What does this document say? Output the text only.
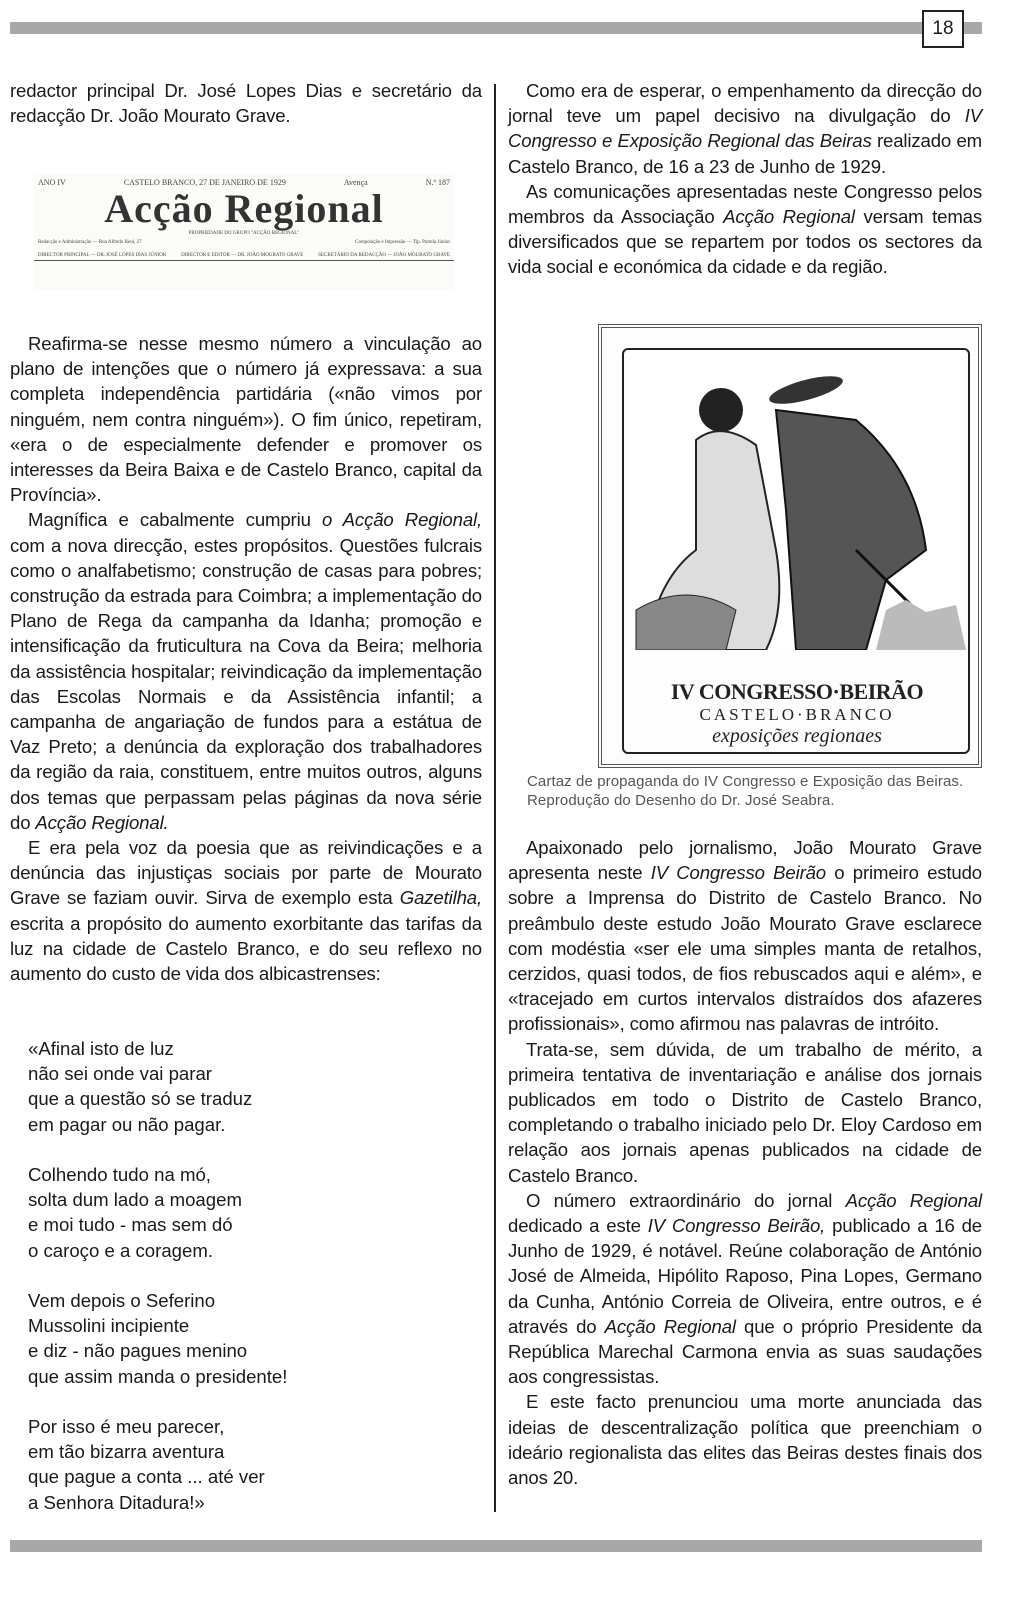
18

redactor principal Dr. José Lopes Dias e secretário da redacção Dr. João Mourato Grave.

ANO IV	CASTELO BRANCO, 27 DE JANEIRO DE 1929	Avença	N.º 187
Acção Regional
PROPRIEDADE DO GRUPO "ACÇÃO REGIONAL"
Redacção e Administração — Rua Alfredo Reul, 27	Composição e Impressão — Tip. Portela Júnior
DIRECTOR PRINCIPAL — DR. JOSÉ LOPES DIAS JÚNIOR	DIRECTOR E EDITOR — DR. JOÃO MOURATO GRAVE	SECRETÁRIO DA REDACÇÃO — JOÃO MOURATO GRAVE

Reafirma-se nesse mesmo número a vinculação ao plano de intenções que o número já expressava: a sua completa independência partidária («não vimos por ninguém, nem contra ninguém»). O fim único, repetiram, «era o de especialmente defender e promover os interesses da Beira Baixa e de Castelo Branco, capital da Província».

Magnífica e cabalmente cumpriu o Acção Regional, com a nova direcção, estes propósitos. Questões fulcrais como o analfabetismo; construção de casas para pobres; construção da estrada para Coimbra; a implementação do Plano de Rega da campanha da Idanha; promoção e intensificação da fruticultura na Cova da Beira; melhoria da assistência hospitalar; reivindicação da implementação das Escolas Normais e da Assistência infantil; a campanha de angariação de fundos para a estátua de Vaz Preto; a denúncia da exploração dos trabalhadores da região da raia, constituem, entre muitos outros, alguns dos temas que perpassam pelas páginas da nova série do Acção Regional.

E era pela voz da poesia que as reivindicações e a denúncia das injustiças sociais por parte de Mourato Grave se faziam ouvir. Sirva de exemplo esta Gazetilha, escrita a propósito do aumento exorbitante das tarifas da luz na cidade de Castelo Branco, e do seu reflexo no aumento do custo de vida dos albicastrenses:

«Afinal isto de luz
não sei onde vai parar
que a questão só se traduz
em pagar ou não pagar.
Colhendo tudo na mó,
solta dum lado a moagem
e moi tudo - mas sem dó
o caroço e a coragem.
Vem depois o Seferino
Mussolini incipiente
e diz - não pagues menino
que assim manda o presidente!
Por isso é meu parecer,
em tão bizarra aventura
que pague a conta ... até ver
a Senhora Ditadura!»

Como era de esperar, o empenhamento da direcção do jornal teve um papel decisivo na divulgação do IV Congresso e Exposição Regional das Beiras realizado em Castelo Branco, de 16 a 23 de Junho de 1929.

As comunicações apresentadas neste Congresso pelos membros da Associação Acção Regional versam temas diversificados que se repartem por todos os sectores da vida social e económica da cidade e da região.

IV CONGRESSO·BEIRÃO
CASTELO·BRANCO
exposições regionaes
Cartaz de propaganda do IV Congresso e Exposição das Beiras. Reprodução do Desenho do Dr. José Seabra.

Apaixonado pelo jornalismo, João Mourato Grave apresenta neste IV Congresso Beirão o primeiro estudo sobre a Imprensa do Distrito de Castelo Branco. No preâmbulo deste estudo João Mourato Grave esclarece com modéstia «ser ele uma simples manta de retalhos, cerzidos, quasi todos, de fios rebuscados aqui e além», e «tracejado em curtos intervalos distraídos dos afazeres profissionais», como afirmou nas palavras de intróito.

Trata-se, sem dúvida, de um trabalho de mérito, a primeira tentativa de inventariação e análise dos jornais publicados em todo o Distrito de Castelo Branco, completando o trabalho iniciado pelo Dr. Eloy Cardoso em relação aos jornais apenas publicados na cidade de Castelo Branco.

O número extraordinário do jornal Acção Regional dedicado a este IV Congresso Beirão, publicado a 16 de Junho de 1929, é notável. Reúne colaboração de António José de Almeida, Hipólito Raposo, Pina Lopes, Germano da Cunha, António Correia de Oliveira, entre outros, e é através do Acção Regional que o próprio Presidente da República Marechal Carmona envia as suas saudações aos congressistas.

E este facto prenunciou uma morte anunciada das ideias de descentralização política que preenchiam o ideário regionalista das elites das Beiras destes finais dos anos 20.
